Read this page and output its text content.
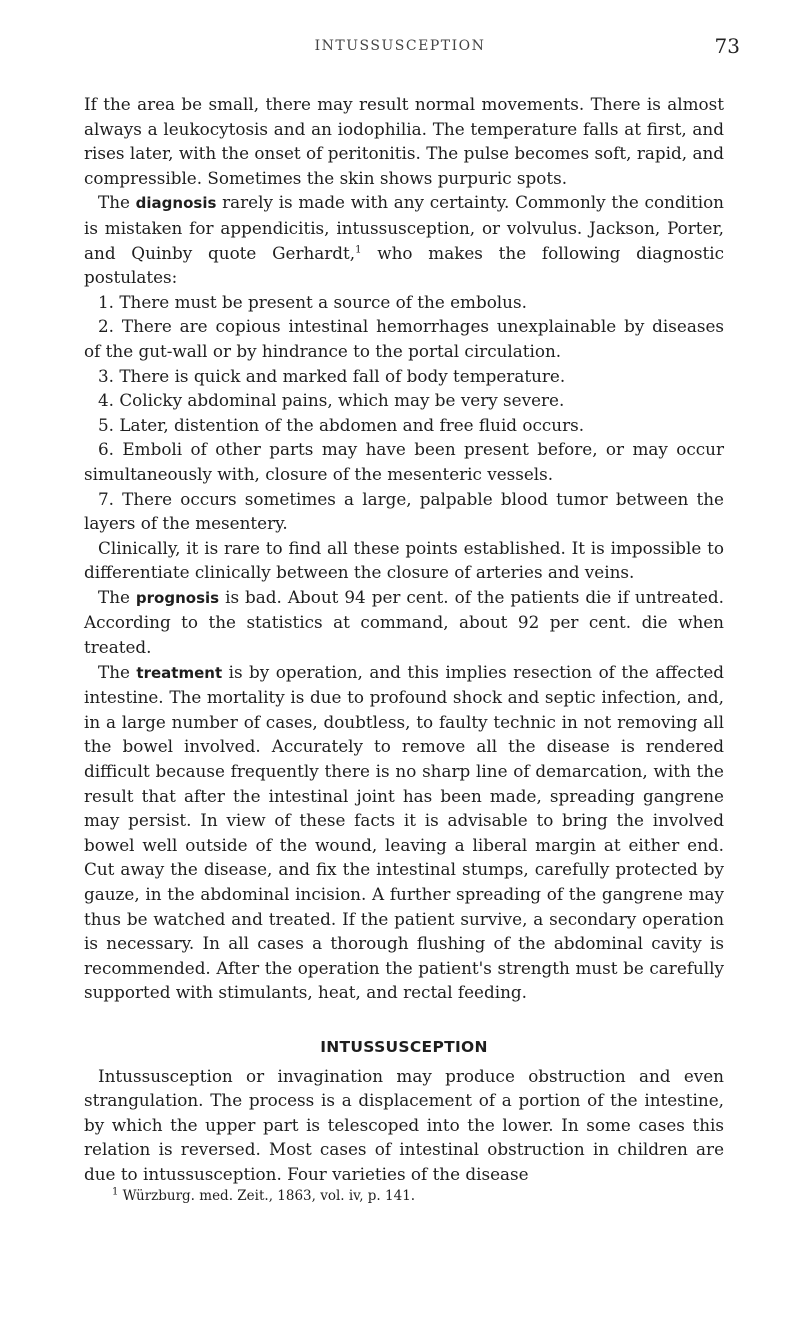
INTUSSUSCEPTION	73

If the area be small, there may result normal movements. There is almost always a leukocytosis and an iodophilia. The temperature falls at first, and rises later, with the onset of peritonitis. The pulse becomes soft, rapid, and compressible. Sometimes the skin shows purpuric spots.

The diagnosis rarely is made with any certainty. Commonly the condition is mistaken for appendicitis, intussusception, or volvulus. Jackson, Porter, and Quinby quote Gerhardt,$^1$ who makes the following diagnostic postulates:

1. There must be present a source of the embolus.

2. There are copious intestinal hemorrhages unexplainable by diseases of the gut-wall or by hindrance to the portal circulation.

3. There is quick and marked fall of body temperature.

4. Colicky abdominal pains, which may be very severe.

5. Later, distention of the abdomen and free fluid occurs.

6. Emboli of other parts may have been present before, or may occur simultaneously with, closure of the mesenteric vessels.

7. There occurs sometimes a large, palpable blood tumor between the layers of the mesentery.

Clinically, it is rare to find all these points established. It is impossible to differentiate clinically between the closure of arteries and veins.

The prognosis is bad. About 94 per cent. of the patients die if untreated. According to the statistics at command, about 92 per cent. die when treated.

The treatment is by operation, and this implies resection of the affected intestine. The mortality is due to profound shock and septic infection, and, in a large number of cases, doubtless, to faulty technic in not removing all the bowel involved. Accurately to remove all the disease is rendered difficult because frequently there is no sharp line of demarcation, with the result that after the intestinal joint has been made, spreading gangrene may persist. In view of these facts it is advisable to bring the involved bowel well outside of the wound, leaving a liberal margin at either end. Cut away the disease, and fix the intestinal stumps, carefully protected by gauze, in the abdominal incision. A further spreading of the gangrene may thus be watched and treated. If the patient survive, a secondary operation is necessary. In all cases a thorough flushing of the abdominal cavity is recommended. After the operation the patient's strength must be carefully supported with stimulants, heat, and rectal feeding.

INTUSSUSCEPTION

Intussusception or invagination may produce obstruction and even strangulation. The process is a displacement of a portion of the intestine, by which the upper part is telescoped into the lower. In some cases this relation is reversed. Most cases of intestinal obstruction in children are due to intussusception. Four varieties of the disease

$^1$ Würzburg. med. Zeit., 1863, vol. iv, p. 141.
